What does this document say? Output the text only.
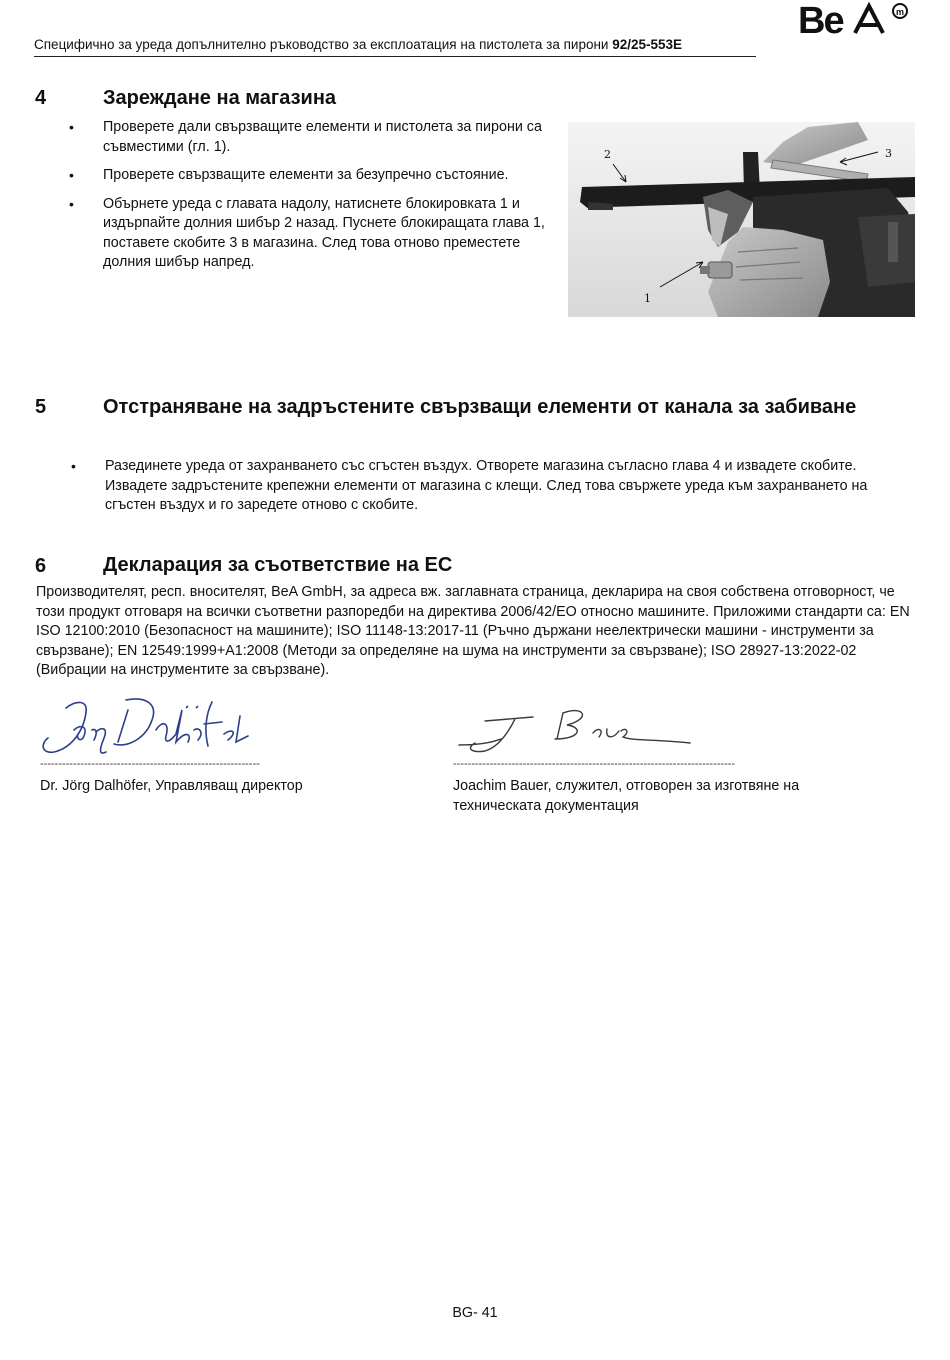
Специфично за уреда допълнително ръководство за експлоатация на пистолета за пирони 92/25-553E
Be	m
4	Зареждане на магазина
• Проверете дали свързващите елементи и пистолета за пирони са съвместими (гл. 1).
• Проверете свързващите елементи за безупречно състояние.
• Обърнете уреда с главата надолу, натиснете блокировката 1 и издърпайте долния шибър 2 назад. Пуснете блокиращата глава 1, поставете скобите 3 в магазина. След това отново преместете долния шибър напред.
2	3
1
5	Отстраняване на задръстените свързващи елементи от канала за забиване
• Разединете уреда от захранването със сгъстен въздух. Отворете магазина съгласно глава 4 и извадете скобите. Извадете задръстените крепежни елементи от магазина с клещи. След това свържете уреда към захранването на сгъстен въздух и го заредете отново с скобите.
6	Декларация за съответствие на ЕС
Производителят, респ. вносителят, BeA GmbH, за адреса вж. заглавната страница, декларира на своя собствена отговорност, че този продукт отговаря на всички съответни разпоредби на директива 2006/42/ЕО относно машините. Приложими стандарти са: EN ISO 12100:2010 (Безопасност на машините); ISO 11148-13:2017-11 (Ръчно държани неелектрически машини - инструменти за свързване); EN 12549:1999+A1:2008 (Методи за определяне на шума на инструменти за свързване); ISO 28927-13:2022-02 (Вибрации на инструментите за свързване).
------------------------------------------------------------
Dr. Jörg Dalhöfer, Управляващ директор
-----------------------------------------------------------------------------
Joachim Bauer, служител, отговорен за изготвяне на техническата документация
BG- 41
